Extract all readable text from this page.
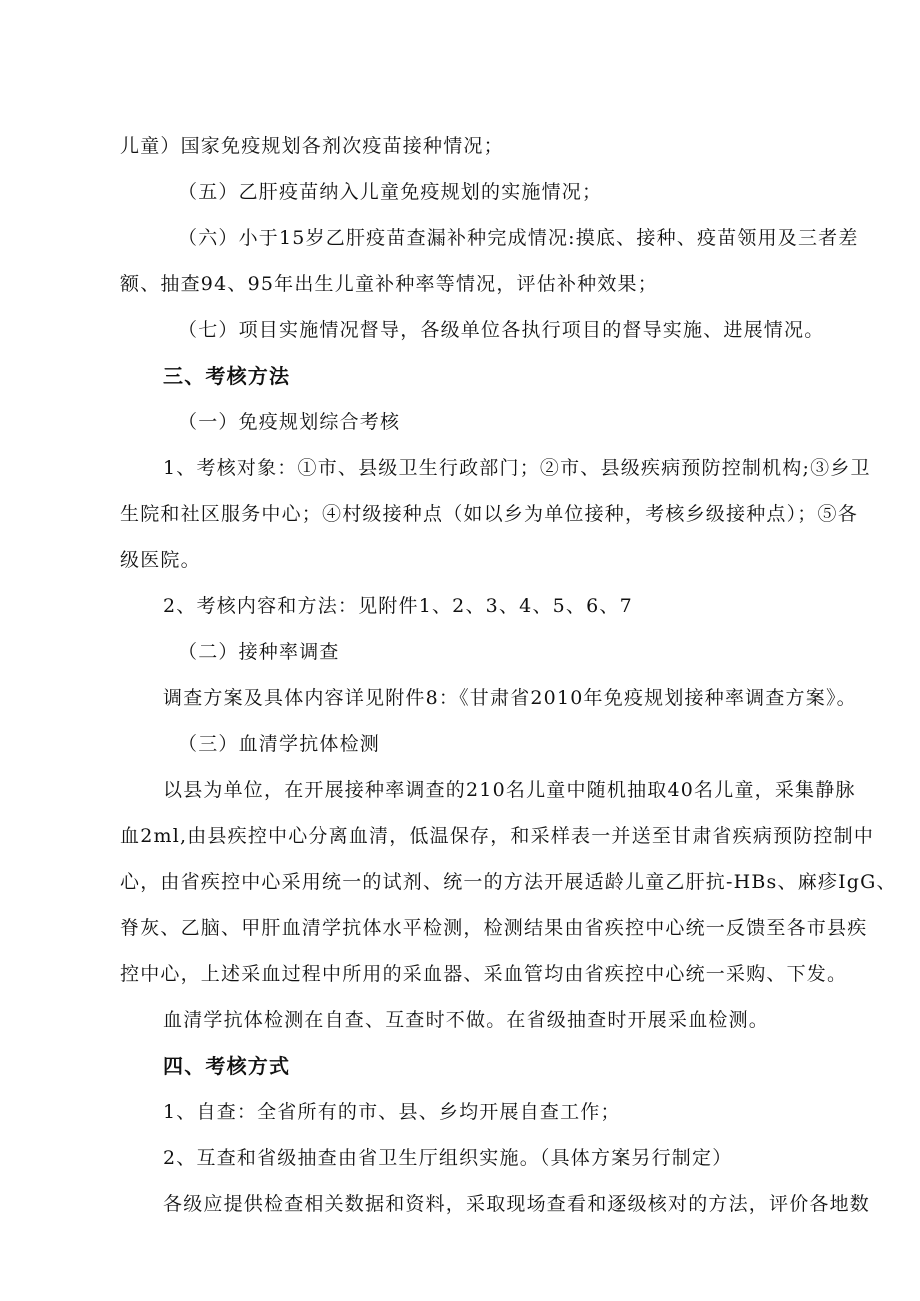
儿童）国家免疫规划各剂次疫苗接种情况；
（五）乙肝疫苗纳入儿童免疫规划的实施情况；
（六）小于15岁乙肝疫苗查漏补种完成情况:摸底、接种、疫苗领用及三者差
额、抽查94、95年出生儿童补种率等情况，评估补种效果；
（七）项目实施情况督导，各级单位各执行项目的督导实施、进展情况。
三、考核方法
（一）免疫规划综合考核
1、考核对象：①市、县级卫生行政部门；②市、县级疾病预防控制机构;③乡卫
生院和社区服务中心；④村级接种点（如以乡为单位接种，考核乡级接种点）；⑤各
级医院。
2、考核内容和方法：见附件1、2、3、4、5、6、7
（二）接种率调查
调查方案及具体内容详见附件8：《甘肃省2010年免疫规划接种率调查方案》。
（三）血清学抗体检测
以县为单位，在开展接种率调查的210名儿童中随机抽取40名儿童，采集静脉
血2ml,由县疾控中心分离血清，低温保存，和采样表一并送至甘肃省疾病预防控制中
心，由省疾控中心采用统一的试剂、统一的方法开展适龄儿童乙肝抗-HBs、麻疹IgG、
脊灰、乙脑、甲肝血清学抗体水平检测，检测结果由省疾控中心统一反馈至各市县疾
控中心，上述采血过程中所用的采血器、采血管均由省疾控中心统一采购、下发。
血清学抗体检测在自查、互查时不做。在省级抽查时开展采血检测。
四、考核方式
1、自查：全省所有的市、县、乡均开展自查工作；
2、互查和省级抽查由省卫生厅组织实施。（具体方案另行制定）
各级应提供检查相关数据和资料，采取现场查看和逐级核对的方法，评价各地数
